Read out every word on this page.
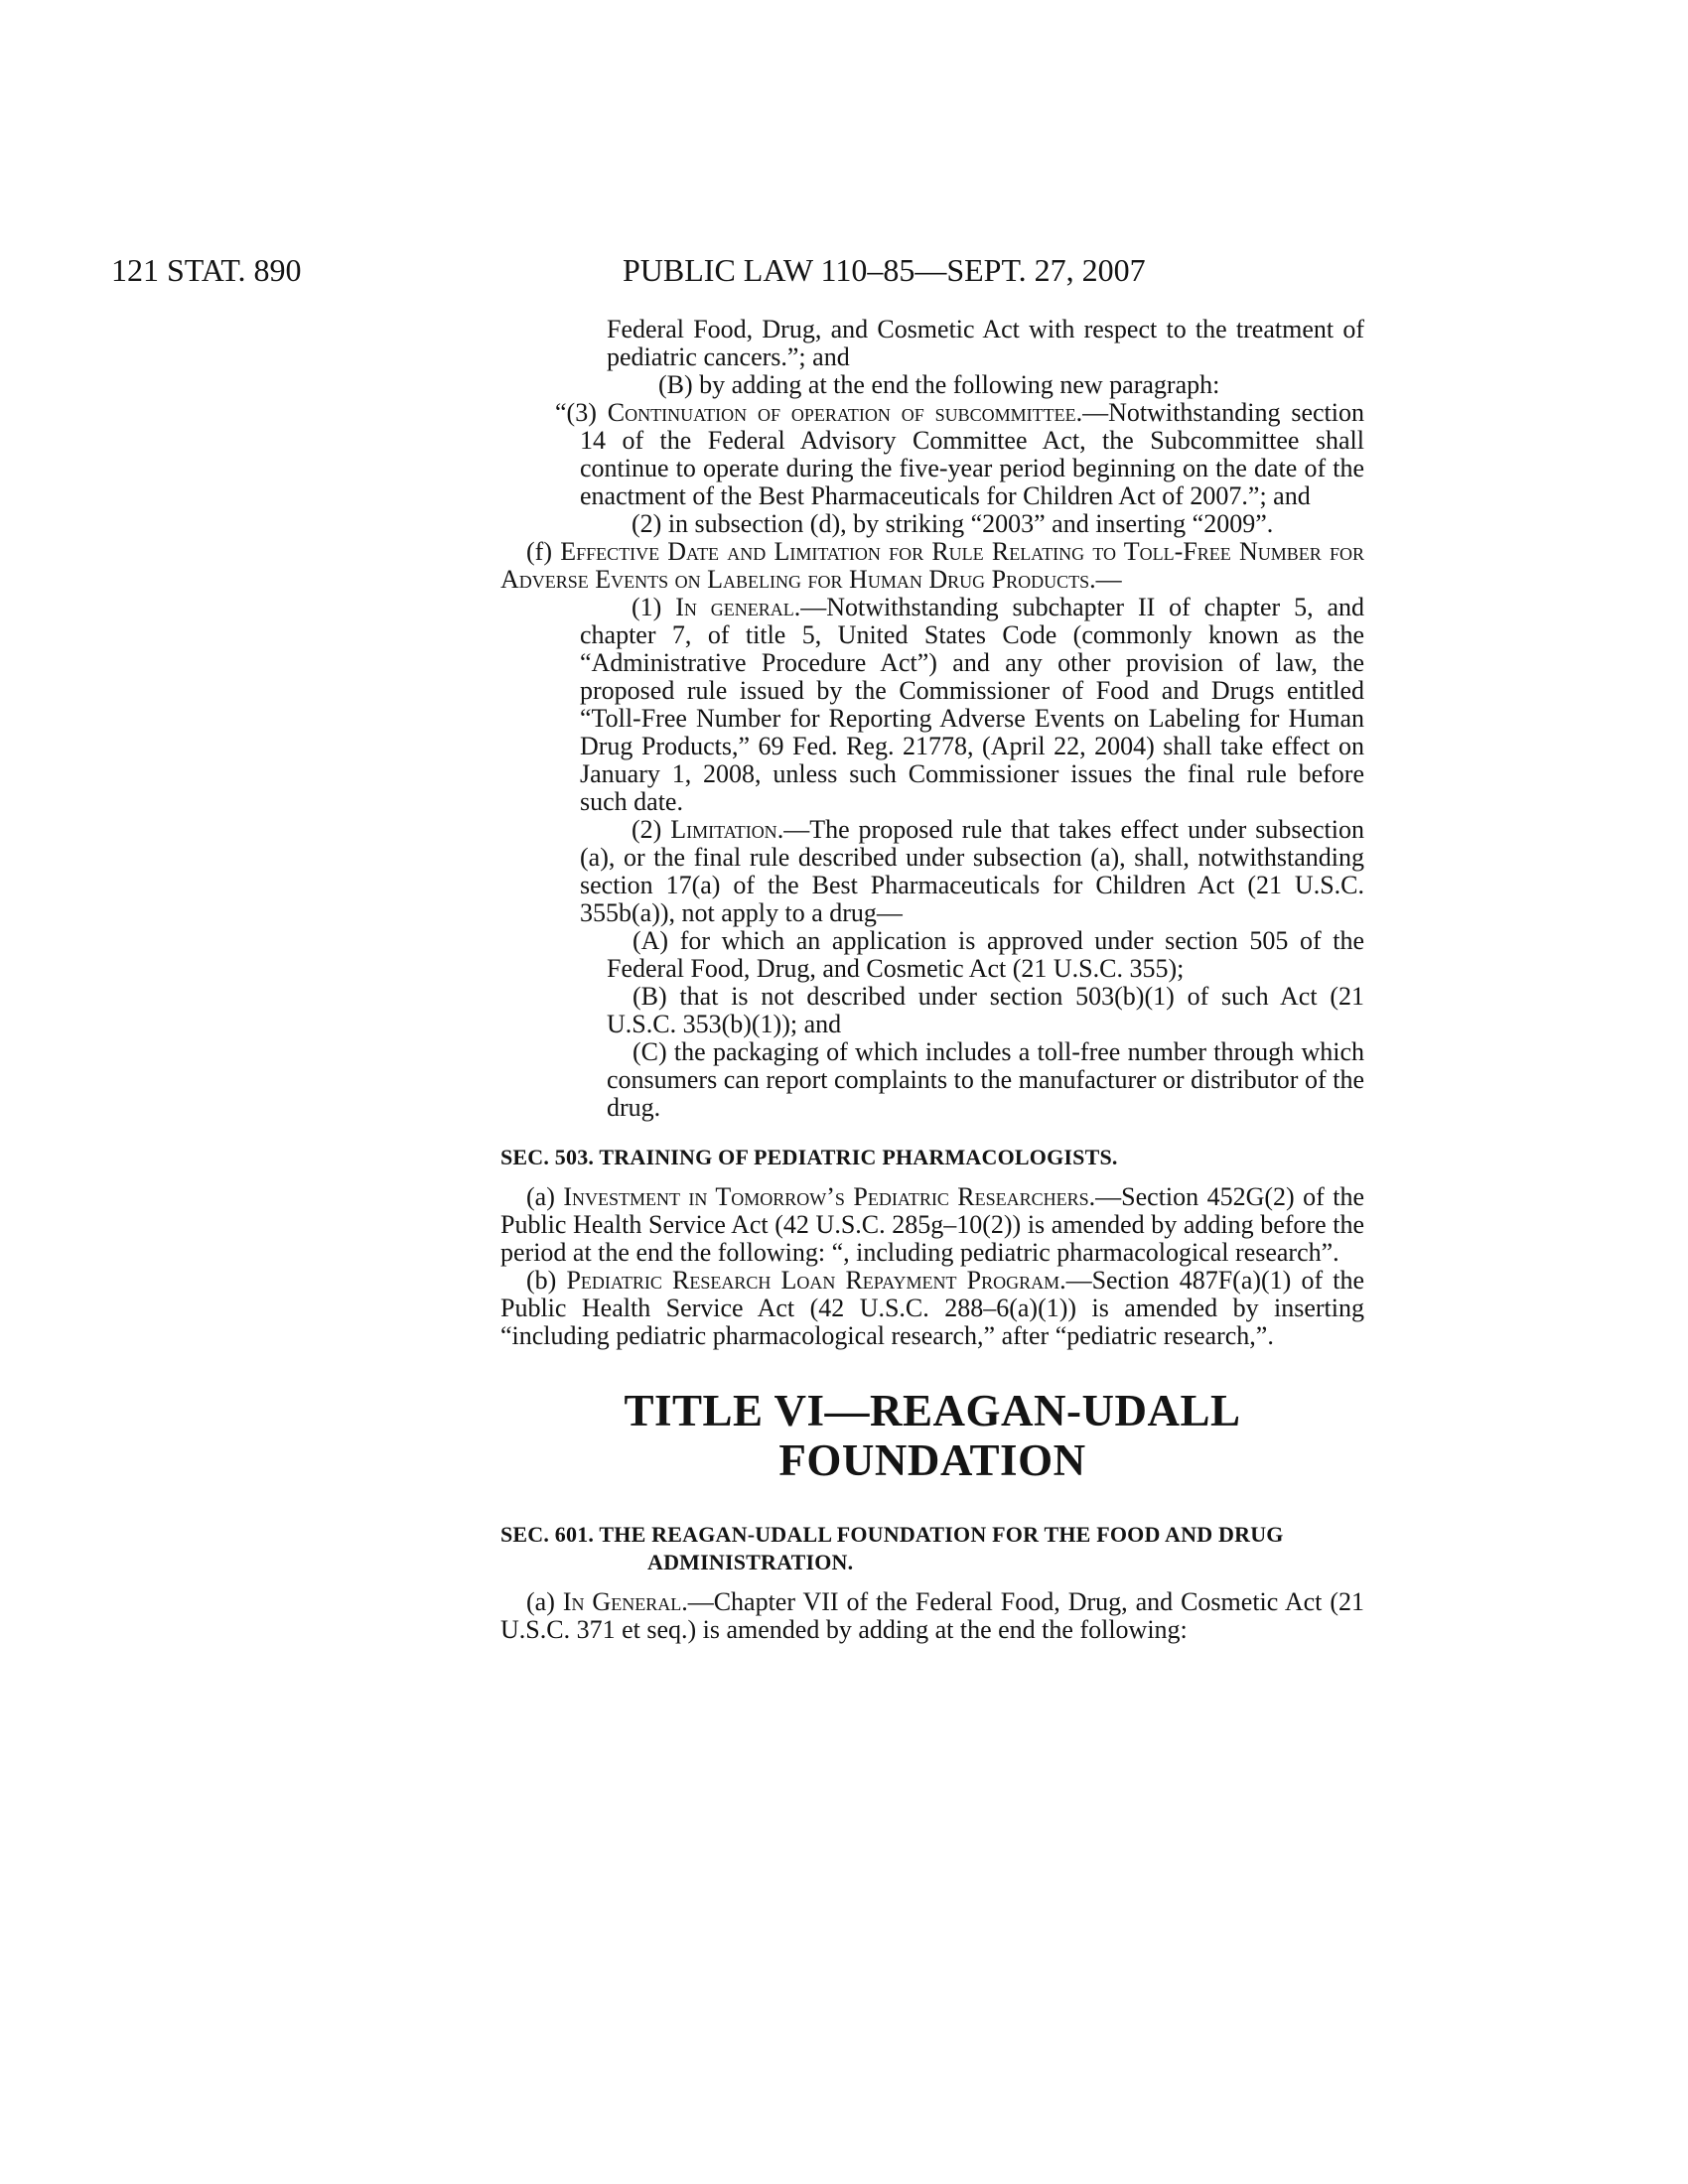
121 STAT. 890	PUBLIC LAW 110–85—SEPT. 27, 2007

Federal Food, Drug, and Cosmetic Act with respect to the treatment of pediatric cancers.”; and

(B) by adding at the end the following new paragraph:

“(3) Continuation of operation of subcommittee.—Notwithstanding section 14 of the Federal Advisory Committee Act, the Subcommittee shall continue to operate during the five-year period beginning on the date of the enactment of the Best Pharmaceuticals for Children Act of 2007.”; and

(2) in subsection (d), by striking “2003” and inserting “2009”.

(f) Effective Date and Limitation for Rule Relating to Toll-Free Number for Adverse Events on Labeling for Human Drug Products.—

(1) In general.—Notwithstanding subchapter II of chapter 5, and chapter 7, of title 5, United States Code (commonly known as the “Administrative Procedure Act”) and any other provision of law, the proposed rule issued by the Commissioner of Food and Drugs entitled “Toll-Free Number for Reporting Adverse Events on Labeling for Human Drug Products,” 69 Fed. Reg. 21778, (April 22, 2004) shall take effect on January 1, 2008, unless such Commissioner issues the final rule before such date.

(2) Limitation.—The proposed rule that takes effect under subsection (a), or the final rule described under subsection (a), shall, notwithstanding section 17(a) of the Best Pharmaceuticals for Children Act (21 U.S.C. 355b(a)), not apply to a drug—

(A) for which an application is approved under section 505 of the Federal Food, Drug, and Cosmetic Act (21 U.S.C. 355);

(B) that is not described under section 503(b)(1) of such Act (21 U.S.C. 353(b)(1)); and

(C) the packaging of which includes a toll-free number through which consumers can report complaints to the manufacturer or distributor of the drug.

SEC. 503. TRAINING OF PEDIATRIC PHARMACOLOGISTS.

(a) Investment in Tomorrow’s Pediatric Researchers.—Section 452G(2) of the Public Health Service Act (42 U.S.C. 285g–10(2)) is amended by adding before the period at the end the following: “, including pediatric pharmacological research”.

(b) Pediatric Research Loan Repayment Program.—Section 487F(a)(1) of the Public Health Service Act (42 U.S.C. 288–6(a)(1)) is amended by inserting “including pediatric pharmacological research,” after “pediatric research,”.

TITLE VI—REAGAN-UDALL
FOUNDATION

SEC. 601. THE REAGAN-UDALL FOUNDATION FOR THE FOOD AND DRUG
ADMINISTRATION.

(a) In General.—Chapter VII of the Federal Food, Drug, and Cosmetic Act (21 U.S.C. 371 et seq.) is amended by adding at the end the following:
